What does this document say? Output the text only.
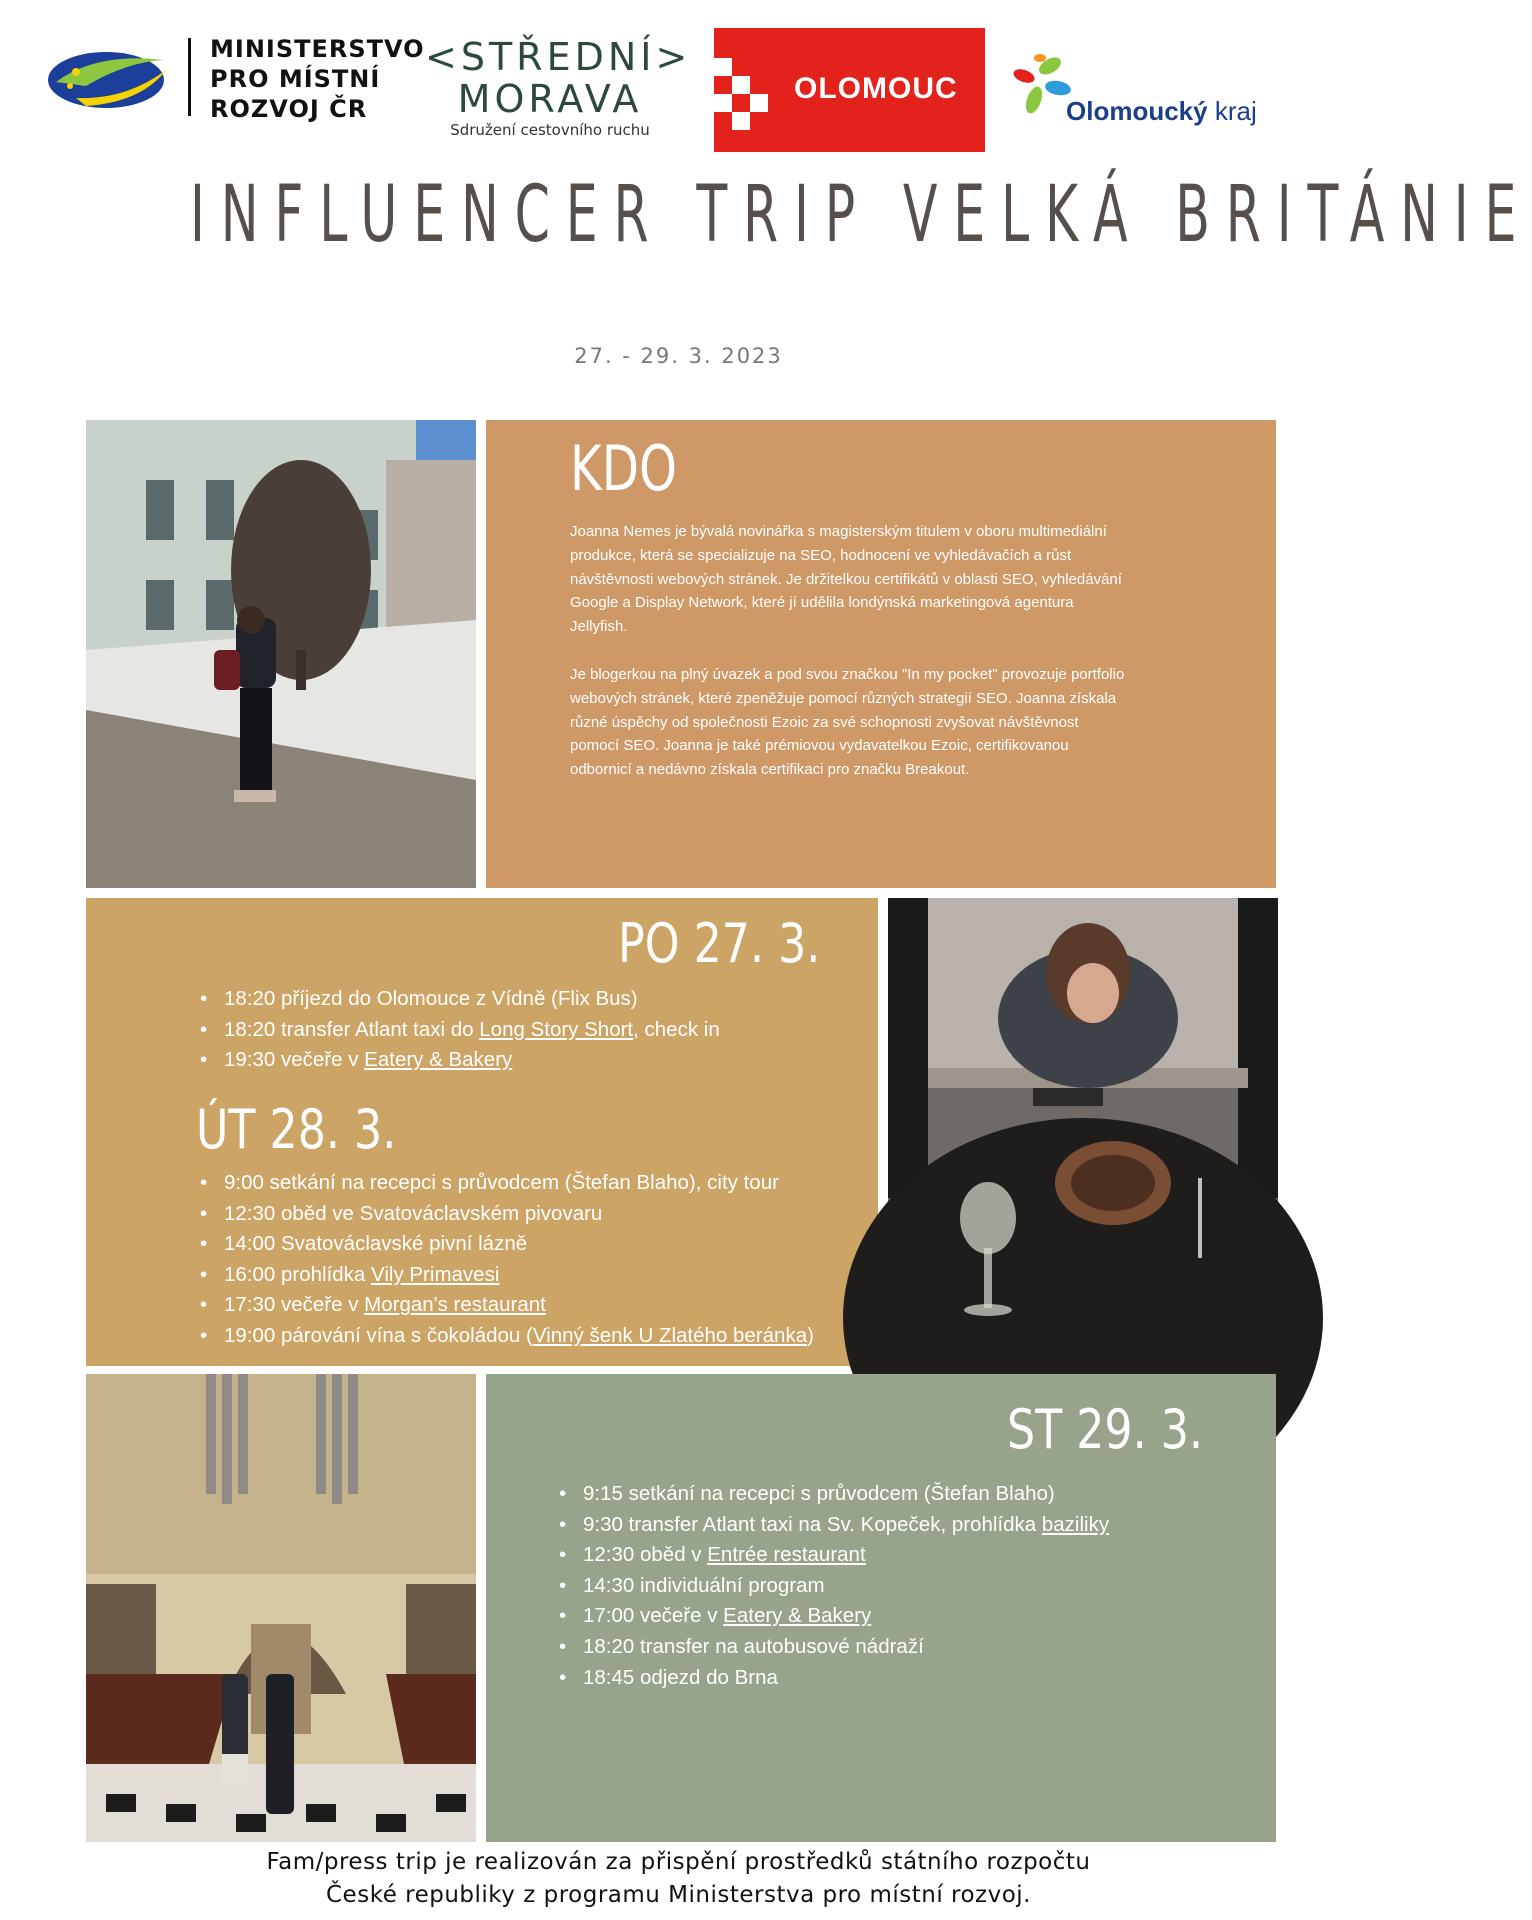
MINISTERSTVO
PRO MÍSTNÍ
ROZVOJ ČR
<STŘEDNÍ>
MORAVA
Sdružení cestovního ruchu
OLOMOUC
Olomoucký kraj
INFLUENCER TRIP VELKÁ BRITÁNIE
27. - 29. 3. 2023
KDO

Joanna Nemes je bývalá novinářka s magisterským titulem v oboru multimediální produkce, která se specializuje na SEO, hodnocení ve vyhledávačích a růst návštěvnosti webových stránek. Je držitelkou certifikátů v oblasti SEO, vyhledávání Google a Display Network, které jí udělila londýnská marketingová agentura Jellyfish.

Je blogerkou na plný úvazek a pod svou značkou "In my pocket" provozuje portfolio webových stránek, které zpeněžuje pomocí různých strategií SEO. Joanna získala různé úspěchy od společnosti Ezoic za své schopnosti zvyšovat návštěvnost pomocí SEO. Joanna je také prémiovou vydavatelkou Ezoic, certifikovanou odbornicí a nedávno získala certifikaci pro značku Breakout.

PO 27. 3.
• 18:20 příjezd do Olomouce z Vídně (Flix Bus)
• 18:20 transfer Atlant taxi do Long Story Short, check in
• 19:30 večeře v Eatery & Bakery
ÚT 28. 3.
• 9:00 setkání na recepci s průvodcem (Štefan Blaho), city tour
• 12:30 oběd ve Svatováclavském pivovaru
• 14:00 Svatováclavské pivní lázně
• 16:00 prohlídka Vily Primavesi
• 17:30 večeře v Morgan's restaurant
• 19:00 párování vína s čokoládou (Vinný šenk U Zlatého beránka)
ST 29. 3.
• 9:15 setkání na recepci s průvodcem (Štefan Blaho)
• 9:30 transfer Atlant taxi na Sv. Kopeček, prohlídka baziliky
• 12:30 oběd v Entrée restaurant
• 14:30 individuální program
• 17:00 večeře v Eatery & Bakery
• 18:20 transfer na autobusové nádraží
• 18:45 odjezd do Brna
Fam/press trip je realizován za přispění prostředků státního rozpočtu
České republiky z programu Ministerstva pro místní rozvoj.
